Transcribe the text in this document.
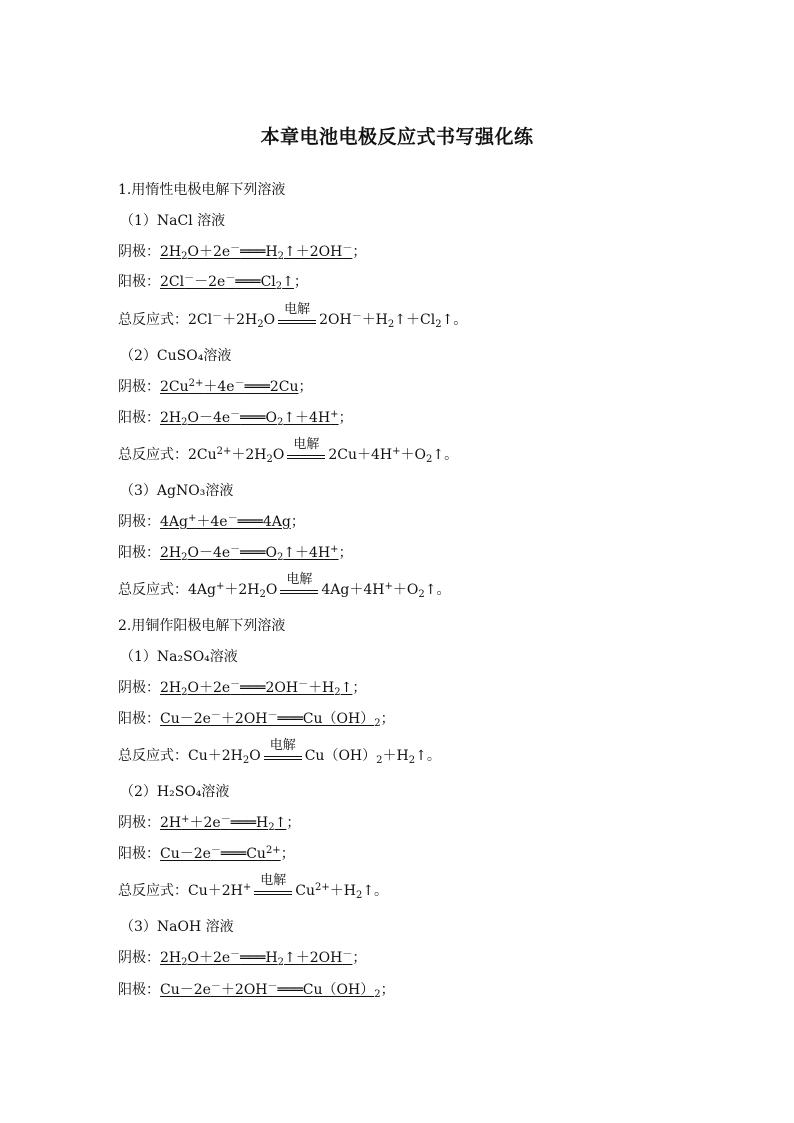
本章电池电极反应式书写强化练
1.用惰性电极电解下列溶液
（1）NaCl 溶液
阴极：$2H_2O+2e^-═══H_2↑+2OH^-$；
阳极：$2Cl^--2e^-═══Cl_2↑$；
总反应式：$2Cl^-+2H_2O$
电解
$2OH^-+H_2↑+Cl_2↑$。
（2）CuSO₄溶液
阴极：$2Cu^{2+}+4e^-═══2Cu$；
阳极：$2H_2O-4e^-═══O_2↑+4H^+$；
总反应式：$2Cu^{2+}+2H_2O$
电解
$2Cu+4H^++O_2↑$。
（3）AgNO₃溶液
阴极：4Ag+＋4e－═══4Ag；
阳极：$2H_2O-4e^-═══O_2↑+4H^+$；
总反应式：$4Ag^++2H_2O$
电解
$4Ag+4H^++O_2↑$。
2.用铜作阳极电解下列溶液
（1）Na₂SO₄溶液
阴极：$2H_2O+2e^-═══2OH^-+H_2↑$；
阳极：$Cu-2e^-+2OH^-═══Cu(OH)_2$；
总反应式：$Cu+2H_2O$
电解
$Cu(OH)_2+H_2↑$。
（2）H₂SO₄溶液
阴极：$2H^++2e^-═══H_2↑$；
阳极：$Cu-2e^-═══Cu^{2+}$；
总反应式：Cu＋2H+ 电解
$Cu^{2+}+H_2↑$。
（3）NaOH 溶液
阴极：$2H_2O+2e^-═══H_2↑+2OH^-$；
阳极：$Cu-2e^-+2OH^-═══Cu(OH)_2$；
